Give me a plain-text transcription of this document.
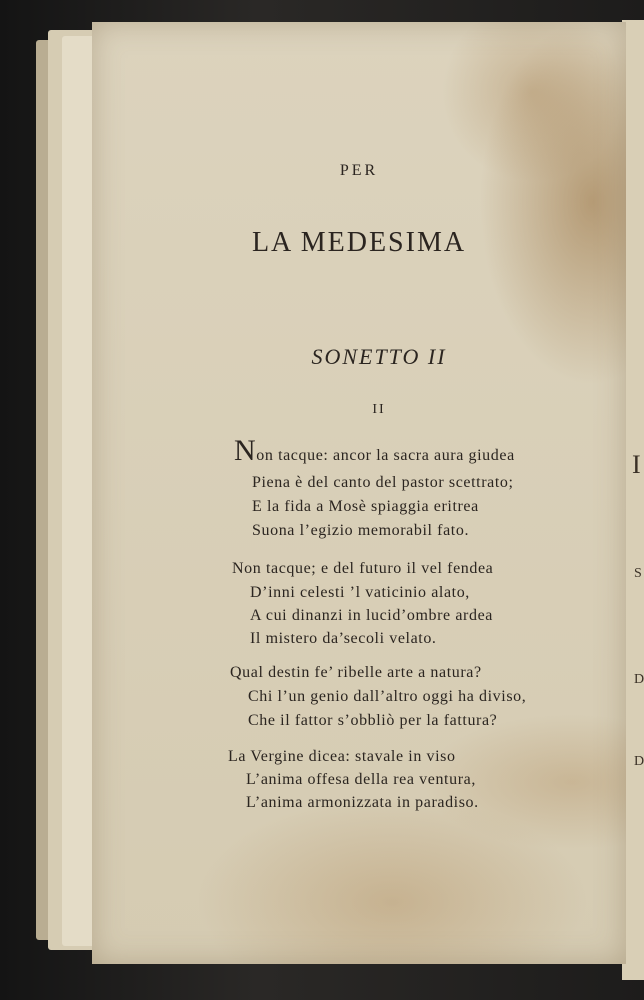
I
S
D
D
PER
LA MEDESIMA
SONETTO II
II
Non tacque: ancor la sacra aura giudea
Piena è del canto del pastor scettrato;
E la fida a Mosè spiaggia eritrea
Suona l’egizio memorabil fato.
Non tacque; e del futuro il vel fendea
D’inni celesti ’l vaticinio alato,
A cui dinanzi in lucid’ombre ardea
Il mistero da’secoli velato.
Qual destin fe’ ribelle arte a natura?
Chi l’un genio dall’altro oggi ha diviso,
Che il fattor s’obbliò per la fattura?
La Vergine dicea: stavale in viso
L’anima offesa della rea ventura,
L’anima armonizzata in paradiso.
